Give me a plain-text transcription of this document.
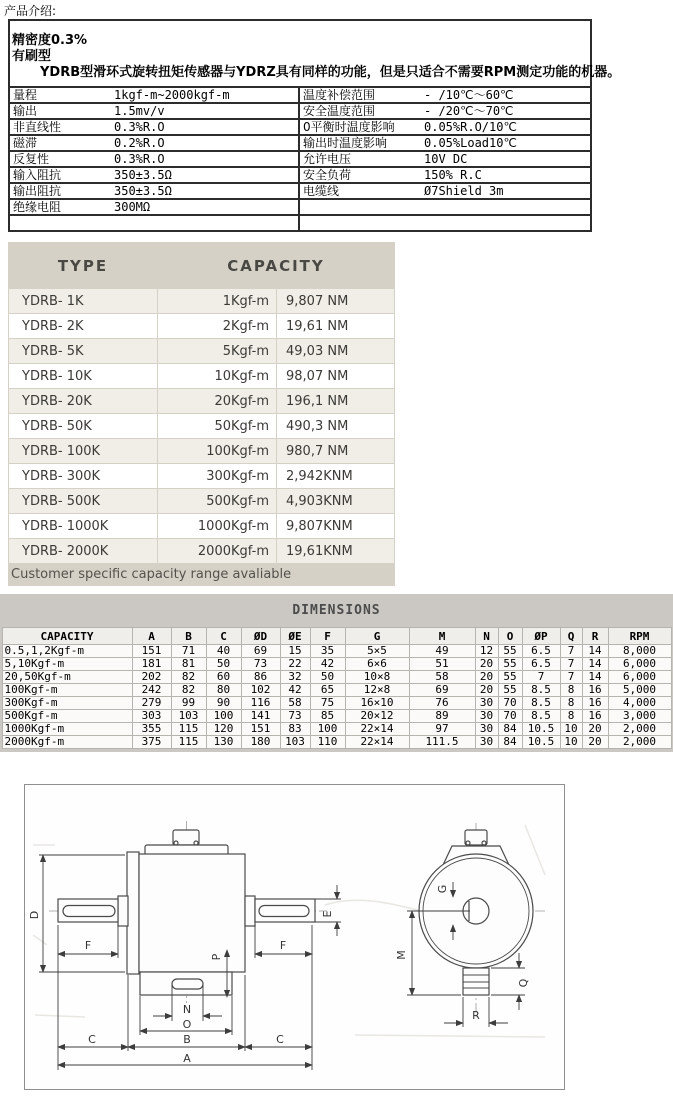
产品介绍:
精密度0.3%
有刷型
YDRB型滑环式旋转扭矩传感器与YDRZ具有同样的功能，但是只适合不需要RPM测定功能的机器。
量程	1kgf-m~2000kgf-m	温度补偿范围	- /10℃～60℃
输出	1.5mv/v	安全温度范围	- /20℃～70℃
非直线性	0.3%R.O	0平衡时温度影响	0.05%R.O/10℃
磁滞	0.2%R.O	输出时温度影响	0.05%Load10℃
反复性	0.3%R.O	允许电压	10V DC
输入阻抗	350±3.5Ω	安全负荷	150% R.C
输出阻抗	350±3.5Ω	电缆线	Ø7Shield 3m
绝缘电阻	300MΩ		

TYPE	CAPACITY	
YDRB- 1K	1Kgf-m	9,807 NM
YDRB- 2K	2Kgf-m	19,61 NM
YDRB- 5K	5Kgf-m	49,03 NM
YDRB- 10K	10Kgf-m	98,07 NM
YDRB- 20K	20Kgf-m	196,1 NM
YDRB- 50K	50Kgf-m	490,3 NM
YDRB- 100K	100Kgf-m	980,7 NM
YDRB- 300K	300Kgf-m	2,942KNM
YDRB- 500K	500Kgf-m	4,903KNM
YDRB- 1000K	1000Kgf-m	9,807KNM
YDRB- 2000K	2000Kgf-m	19,61KNM
Customer specific capacity range avaliable		
DIMENSIONS
CAPACITY	A	B	C	ØD	ØE	F	G	M	N	O	ØP	Q	R	RPM
0.5,1,2Kgf-m	151	71	40	69	15	35	5×5	49	12	55	6.5	7	14	8,000
5,10Kgf-m	181	81	50	73	22	42	6×6	51	20	55	6.5	7	14	6,000
20,50Kgf-m	202	82	60	86	32	50	10×8	58	20	55	7	7	14	6,000
100Kgf-m	242	82	80	102	42	65	12×8	69	20	55	8.5	8	16	5,000
300Kgf-m	279	99	90	116	58	75	16×10	76	30	70	8.5	8	16	4,000
500Kgf-m	303	103	100	141	73	85	20×12	89	30	70	8.5	8	16	3,000
1000Kgf-m	355	115	120	151	83	100	22×14	97	30	84	10.5	10	20	2,000
2000Kgf-m	375	115	130	180	103	110	22×14	111.5	30	84	10.5	10	20	2,000
D
F	F
E
P
N
O
B
C	C
A
G
M
Q
R
